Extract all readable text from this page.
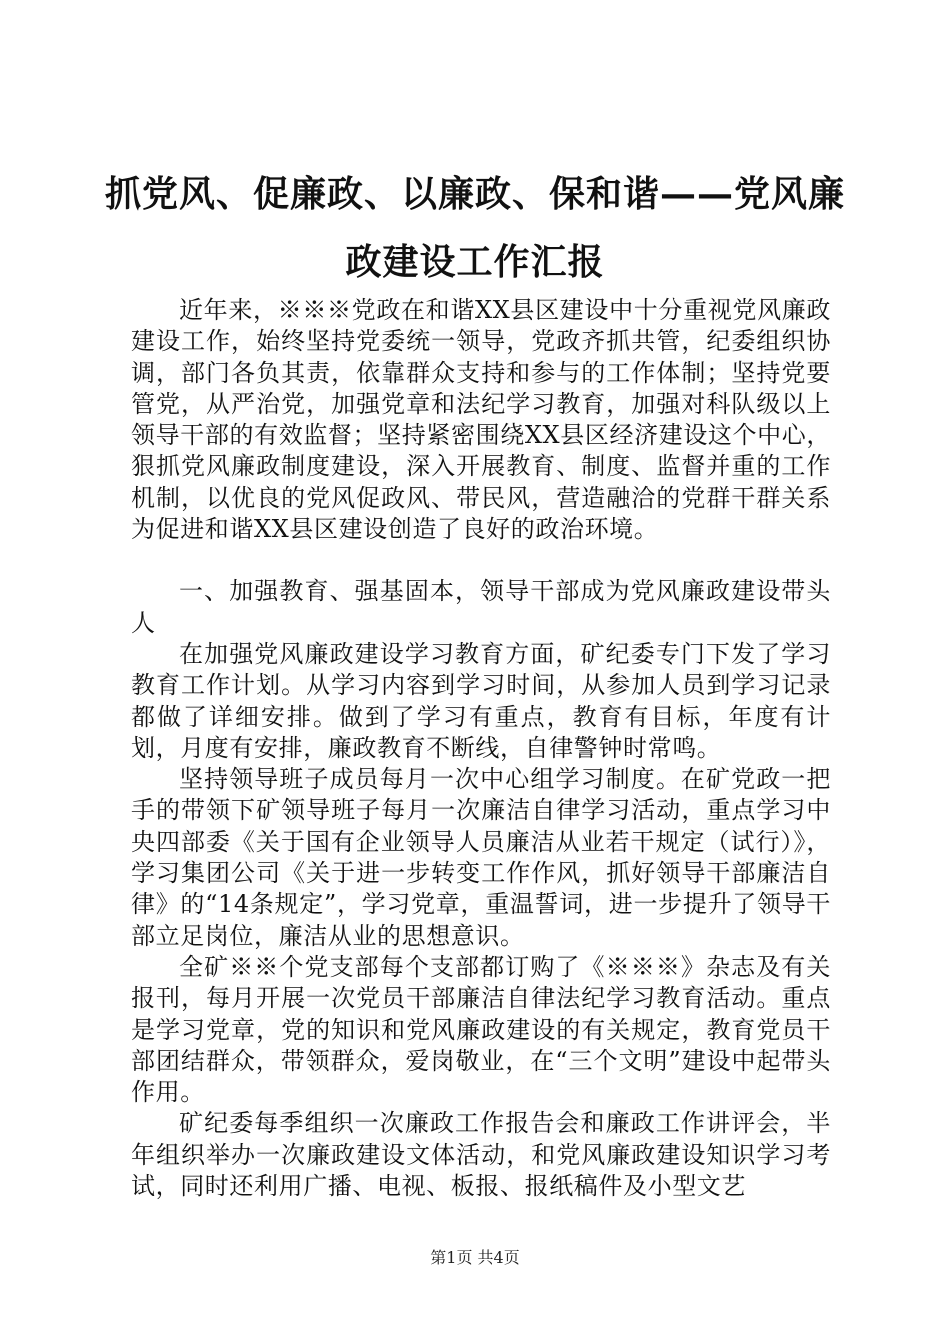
抓党风、促廉政、以廉政、保和谐——党风廉政建设工作汇报

近年来，※※※党政在和谐XX县区建设中十分重视党风廉政建设工作，始终坚持党委统一领导，党政齐抓共管，纪委组织协调，部门各负其责，依靠群众支持和参与的工作体制；坚持党要管党，从严治党，加强党章和法纪学习教育，加强对科队级以上领导干部的有效监督；坚持紧密围绕XX县区经济建设这个中心，狠抓党风廉政制度建设，深入开展教育、制度、监督并重的工作机制，以优良的党风促政风、带民风，营造融洽的党群干群关系为促进和谐XX县区建设创造了良好的政治环境。

一、加强教育、强基固本，领导干部成为党风廉政建设带头人

在加强党风廉政建设学习教育方面，矿纪委专门下发了学习教育工作计划。从学习内容到学习时间，从参加人员到学习记录都做了详细安排。做到了学习有重点，教育有目标，年度有计划，月度有安排，廉政教育不断线，自律警钟时常鸣。

坚持领导班子成员每月一次中心组学习制度。在矿党政一把手的带领下矿领导班子每月一次廉洁自律学习活动，重点学习中央四部委《关于国有企业领导人员廉洁从业若干规定（试行）》，学习集团公司《关于进一步转变工作作风，抓好领导干部廉洁自律》的“14条规定”，学习党章，重温誓词，进一步提升了领导干部立足岗位，廉洁从业的思想意识。

全矿※※个党支部每个支部都订购了《※※※》杂志及有关报刊，每月开展一次党员干部廉洁自律法纪学习教育活动。重点是学习党章，党的知识和党风廉政建设的有关规定，教育党员干部团结群众，带领群众，爱岗敬业，在“三个文明”建设中起带头作用。

矿纪委每季组织一次廉政工作报告会和廉政工作讲评会，半年组织举办一次廉政建设文体活动，和党风廉政建设知识学习考试，同时还利用广播、电视、板报、报纸稿件及小型文艺

第1页 共4页
